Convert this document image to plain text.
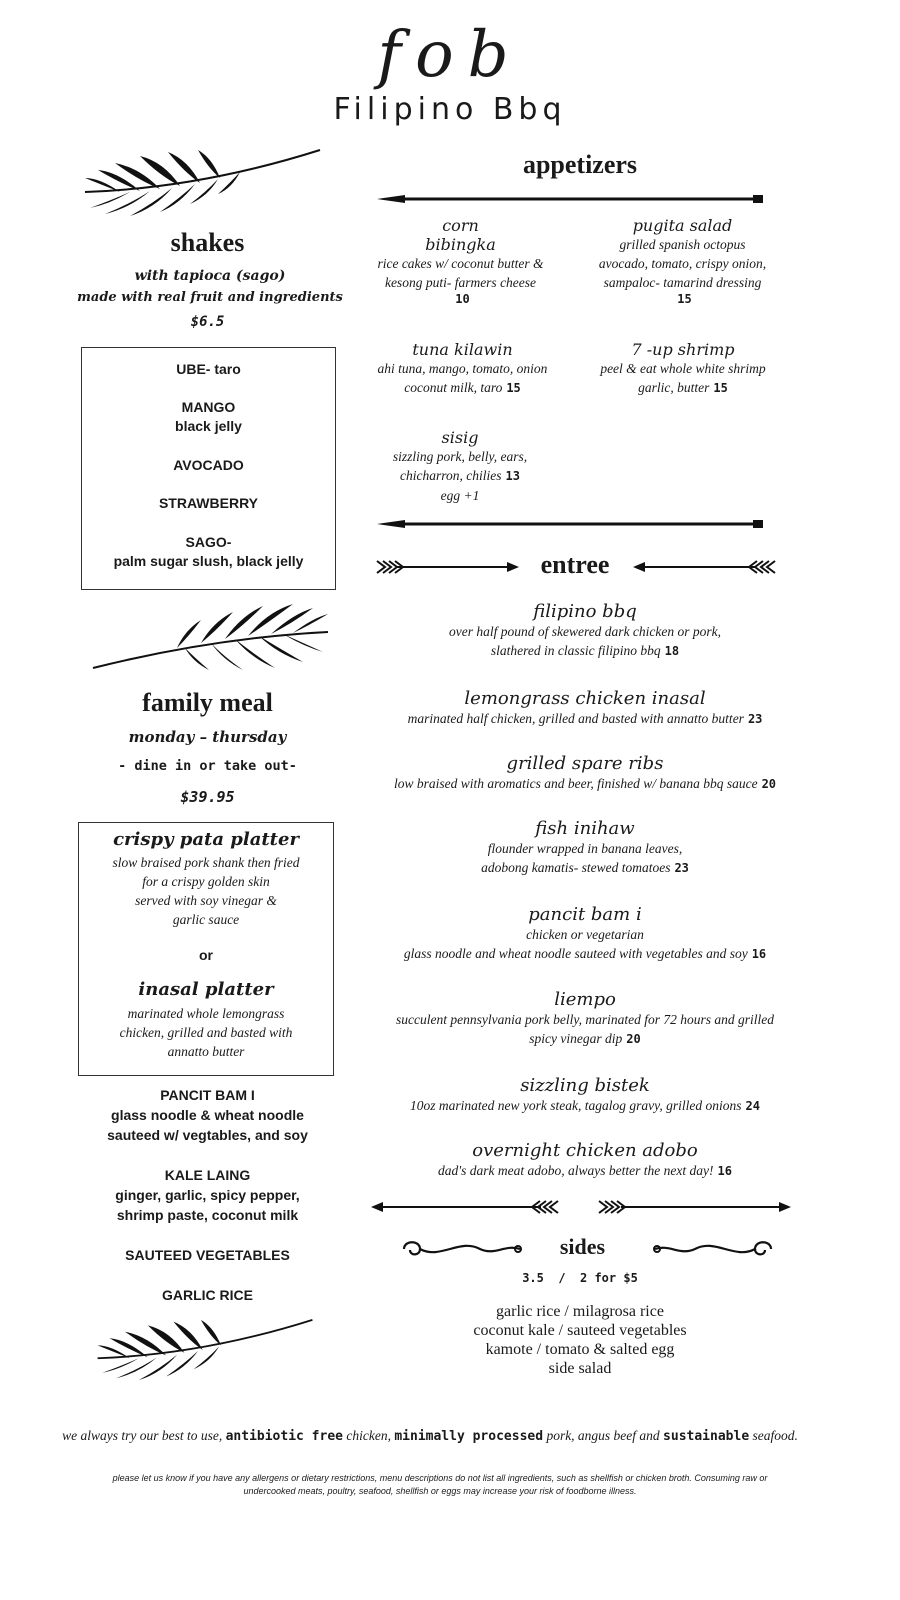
fob
Filipino Bbq
shakes
with tapioca (sago)
made with real fruit and ingredients
$6.5
UBE- taro
MANGO
black jelly
AVOCADO
STRAWBERRY
SAGO-
palm sugar slush, black jelly
family meal
monday – thursday
- dine in or take out-
$39.95
crispy pata platter
slow braised pork shank then fried
for a crispy golden skin
served with soy vinegar &
garlic sauce
or
inasal platter
marinated whole lemongrass
chicken, grilled and basted with
annatto butter
PANCIT BAM I
glass noodle & wheat noodle
sauteed w/ vegtables, and soy
KALE LAING
ginger, garlic, spicy pepper,
shrimp paste, coconut milk
SAUTEED VEGETABLES
GARLIC RICE
appetizers
corn
bibingka
rice cakes w/ coconut butter &
kesong puti- farmers cheese
10
pugita salad
grilled spanish octopus
avocado, tomato, crispy onion,
sampaloc- tamarind dressing
15
tuna kilawin
ahi tuna, mango, tomato, onion
coconut milk, taro 15
7 -up shrimp
peel & eat whole white shrimp
garlic, butter 15
sisig
sizzling pork, belly, ears,
chicharron, chilies 13
egg +1
entree
filipino bbq
over half pound of skewered dark chicken or pork,
slathered in classic filipino bbq 18
lemongrass chicken inasal
marinated half chicken, grilled and basted with annatto butter 23
grilled spare ribs
low braised with aromatics and beer, finished w/ banana bbq sauce 20
fish inihaw
flounder wrapped in banana leaves,
adobong kamatis- stewed tomatoes 23
pancit bam i
chicken or vegetarian
glass noodle and wheat noodle sauteed with vegetables and soy 16
liempo
succulent pennsylvania pork belly, marinated for 72 hours and grilled
spicy vinegar dip 20
sizzling bistek
10oz marinated new york steak, tagalog gravy, grilled onions 24
overnight chicken adobo
dad's dark meat adobo, always better the next day! 16
sides
3.5  /  2 for $5
garlic rice / milagrosa rice
coconut kale / sauteed vegetables
kamote / tomato & salted egg
side salad
we always try our best to use, antibiotic free chicken, minimally processed pork, angus beef and sustainable seafood.
please let us know if you have any allergens or dietary restrictions, menu descriptions do not list all ingredients, such as shellfish or chicken broth. Consuming raw or
undercooked meats, poultry, seafood, shellfish or eggs may increase your risk of foodborne illness.
